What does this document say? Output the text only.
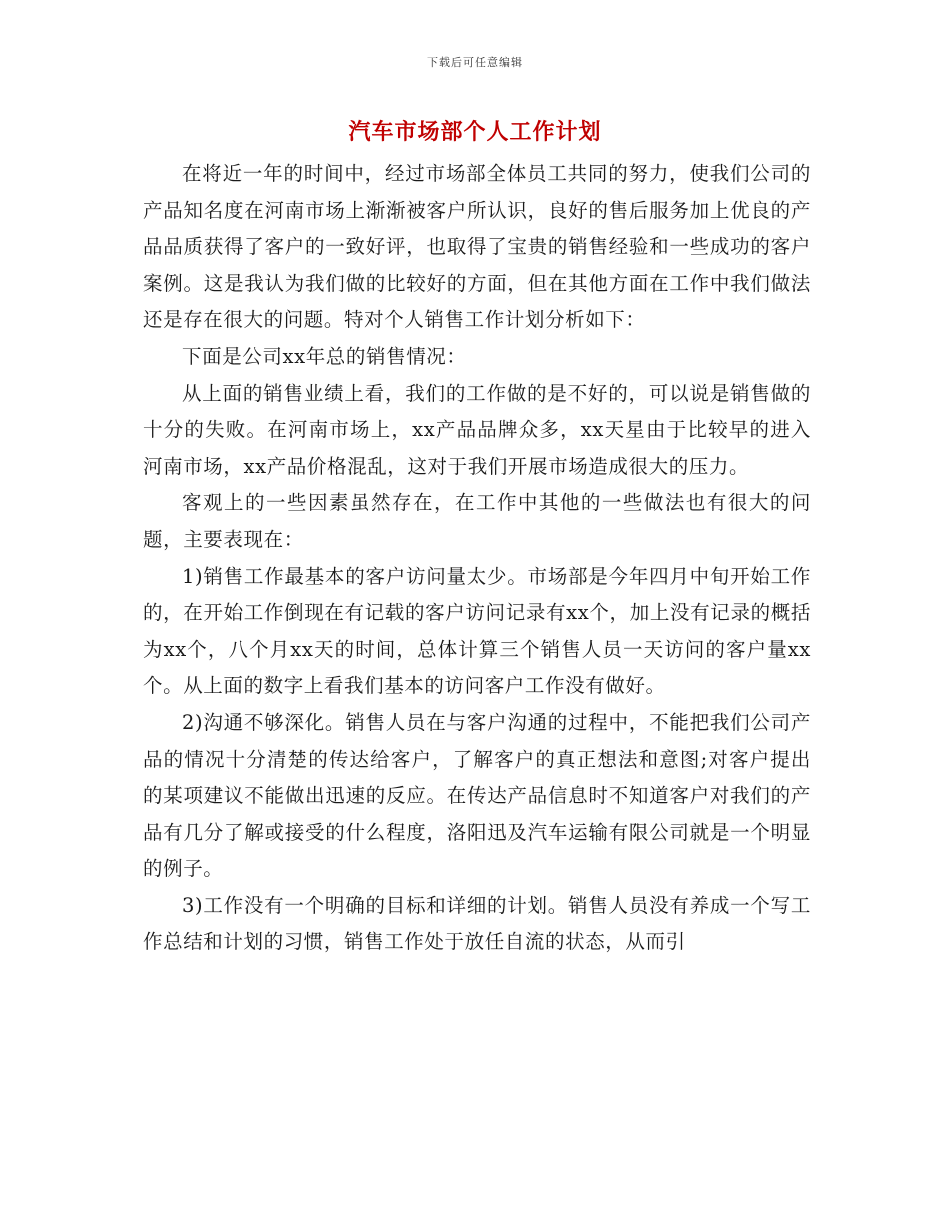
下载后可任意编辑
汽车市场部个人工作计划

在将近一年的时间中，经过市场部全体员工共同的努力，使我们公司的产品知名度在河南市场上渐渐被客户所认识，良好的售后服务加上优良的产品品质获得了客户的一致好评，也取得了宝贵的销售经验和一些成功的客户案例。这是我认为我们做的比较好的方面，但在其他方面在工作中我们做法还是存在很大的问题。特对个人销售工作计划分析如下：

下面是公司xx年总的销售情况：

从上面的销售业绩上看，我们的工作做的是不好的，可以说是销售做的十分的失败。在河南市场上，xx产品品牌众多，xx天星由于比较早的进入河南市场，xx产品价格混乱，这对于我们开展市场造成很大的压力。

客观上的一些因素虽然存在，在工作中其他的一些做法也有很大的问题，主要表现在：

1)销售工作最基本的客户访问量太少。市场部是今年四月中旬开始工作的，在开始工作倒现在有记载的客户访问记录有xx个，加上没有记录的概括为xx个，八个月xx天的时间，总体计算三个销售人员一天访问的客户量xx个。从上面的数字上看我们基本的访问客户工作没有做好。

2)沟通不够深化。销售人员在与客户沟通的过程中，不能把我们公司产品的情况十分清楚的传达给客户，了解客户的真正想法和意图;对客户提出的某项建议不能做出迅速的反应。在传达产品信息时不知道客户对我们的产品有几分了解或接受的什么程度，洛阳迅及汽车运输有限公司就是一个明显的例子。

3)工作没有一个明确的目标和详细的计划。销售人员没有养成一个写工作总结和计划的习惯，销售工作处于放任自流的状态，从而引
